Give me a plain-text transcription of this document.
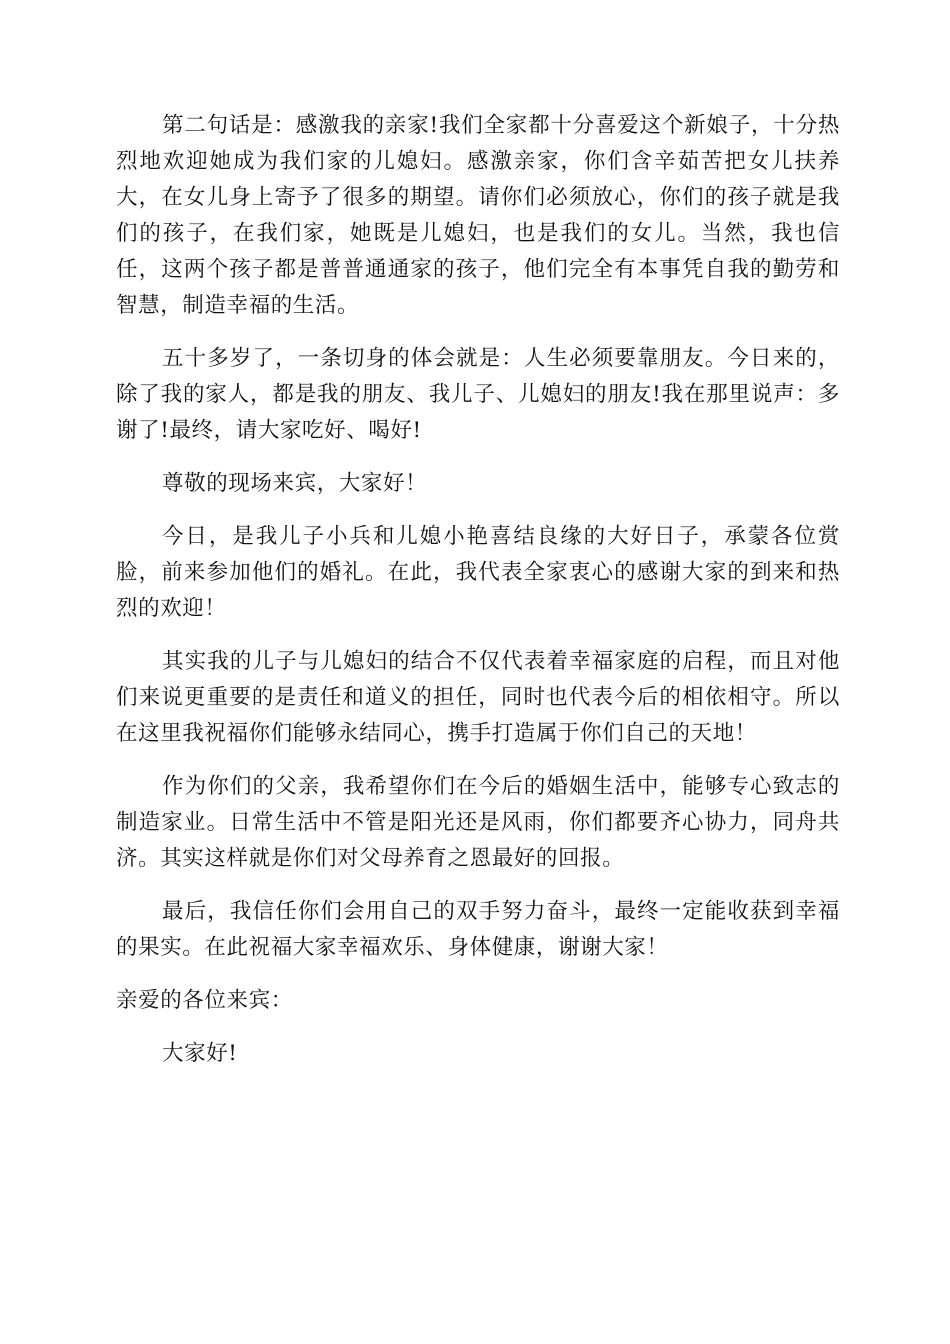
第二句话是：感激我的亲家!我们全家都十分喜爱这个新娘子，十分热烈地欢迎她成为我们家的儿媳妇。感激亲家，你们含辛茹苦把女儿扶养大，在女儿身上寄予了很多的期望。请你们必须放心，你们的孩子就是我们的孩子，在我们家，她既是儿媳妇，也是我们的女儿。当然，我也信任，这两个孩子都是普普通通家的孩子，他们完全有本事凭自我的勤劳和智慧，制造幸福的生活。

五十多岁了，一条切身的体会就是：人生必须要靠朋友。今日来的，除了我的家人，都是我的朋友、我儿子、儿媳妇的朋友!我在那里说声：多谢了!最终，请大家吃好、喝好!

尊敬的现场来宾，大家好！

今日，是我儿子小兵和儿媳小艳喜结良缘的大好日子，承蒙各位赏脸，前来参加他们的婚礼。在此，我代表全家衷心的感谢大家的到来和热烈的欢迎！

其实我的儿子与儿媳妇的结合不仅代表着幸福家庭的启程，而且对他们来说更重要的是责任和道义的担任，同时也代表今后的相依相守。所以在这里我祝福你们能够永结同心，携手打造属于你们自己的天地！

作为你们的父亲，我希望你们在今后的婚姻生活中，能够专心致志的制造家业。日常生活中不管是阳光还是风雨，你们都要齐心协力，同舟共济。其实这样就是你们对父母养育之恩最好的回报。

最后，我信任你们会用自己的双手努力奋斗，最终一定能收获到幸福的果实。在此祝福大家幸福欢乐、身体健康，谢谢大家！

亲爱的各位来宾：

大家好!
